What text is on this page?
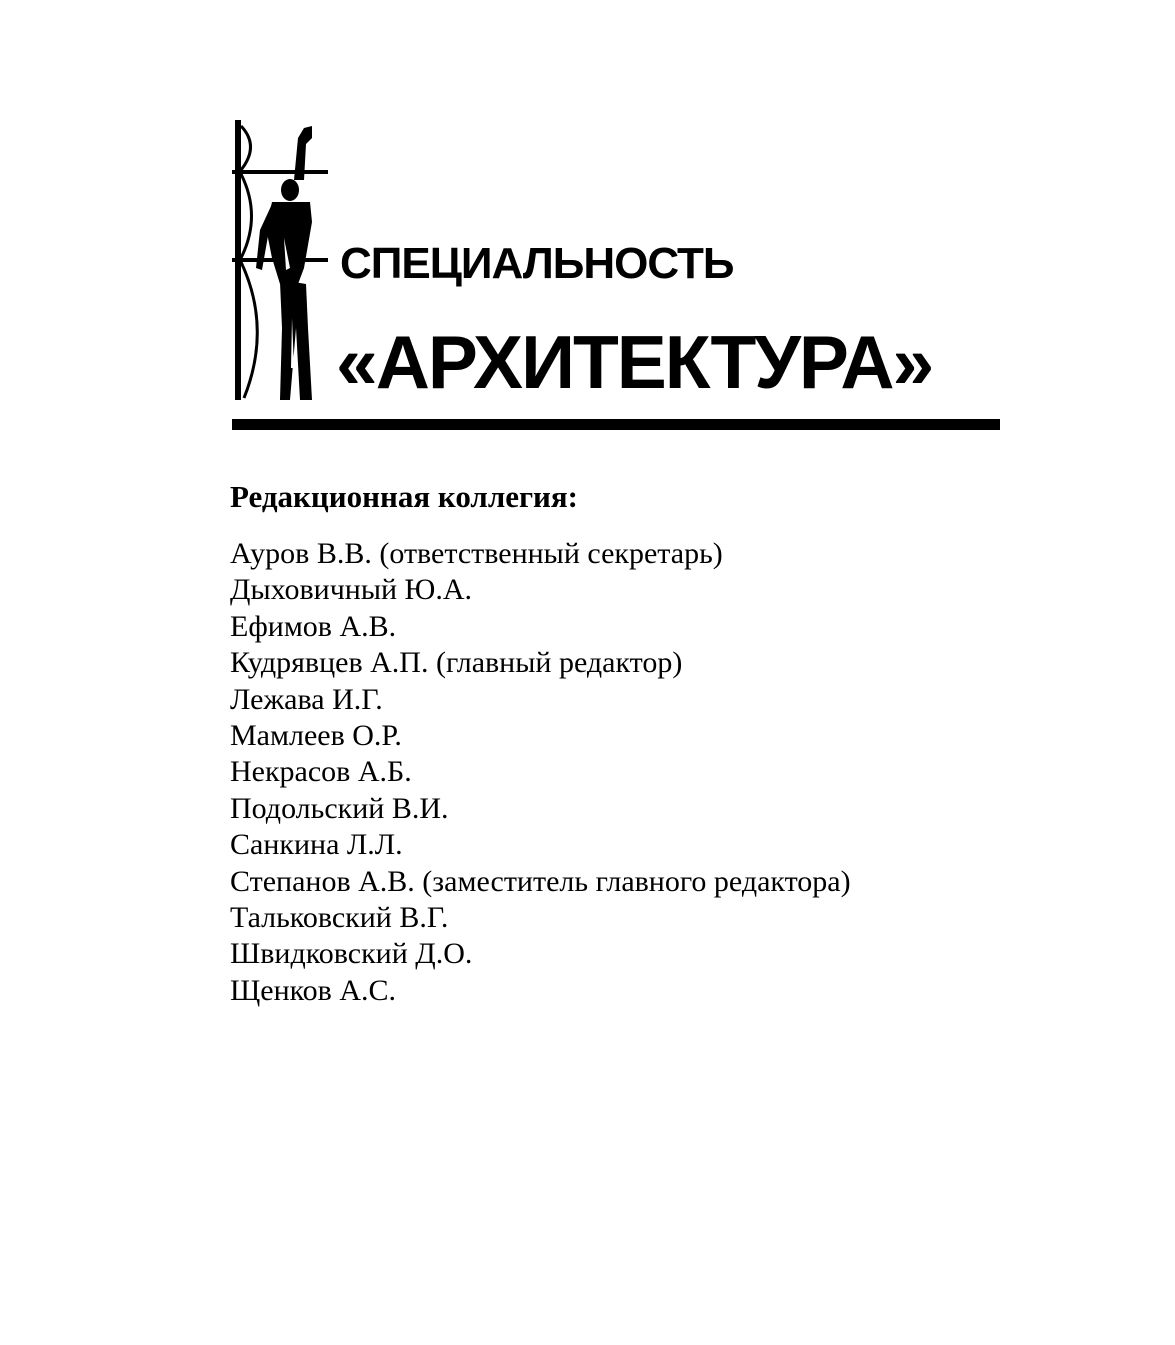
СПЕЦИАЛЬНОСТЬ
«АРХИТЕКТУРА»
Редакционная коллегия:
Ауров В.В. (ответственный секретарь)
Дыховичный Ю.А.
Ефимов А.В.
Кудрявцев А.П. (главный редактор)
Лежава И.Г.
Мамлеев О.Р.
Некрасов А.Б.
Подольский В.И.
Санкина Л.Л.
Степанов А.В. (заместитель главного редактора)
Тальковский В.Г.
Швидковский Д.О.
Щенков А.С.
